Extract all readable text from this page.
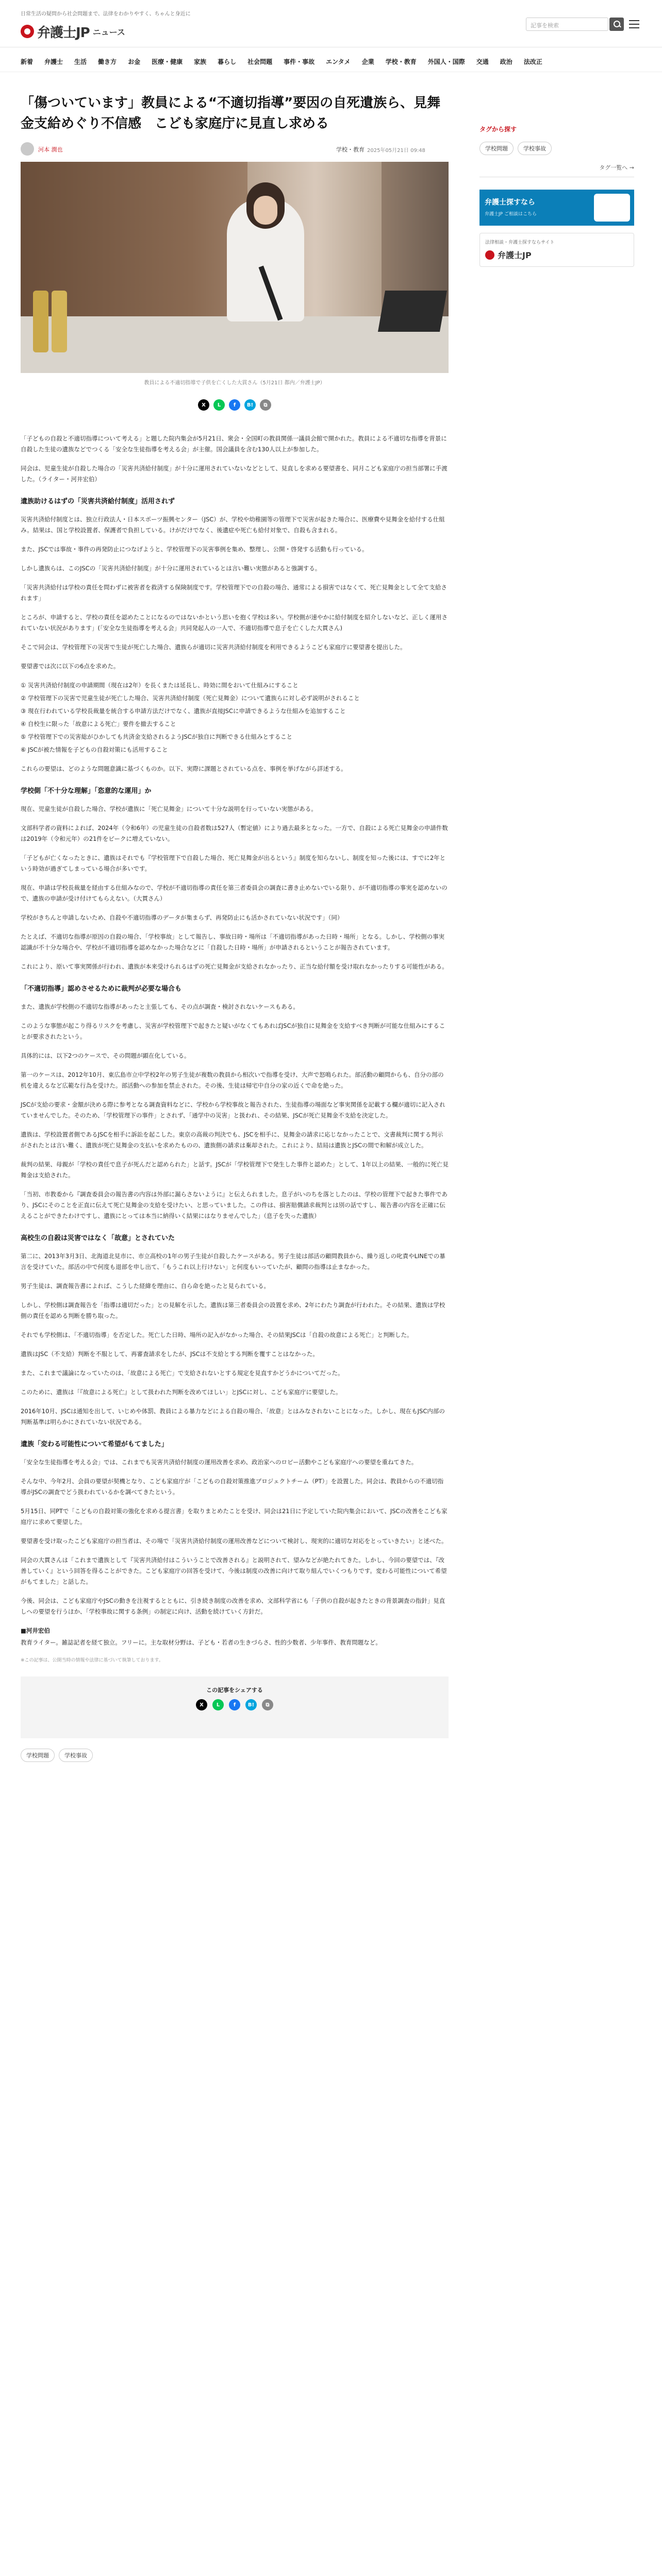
日常生活の疑問から社会問題まで、法律をわかりやすく、ちゃんと身近に
弁護士JP ニュース
記事を検索
新着 弁護士 生活 働き方 お金 医療・健康 家族 暮らし 社会問題 事件・事故 エンタメ 企業 学校・教育 外国人・国際 交通 政治 法改正
「傷ついています」教員による“不適切指導”要因の自死遺族ら、見舞金支給めぐり不信感　こども家庭庁に見直し求める
河本 潤也	学校・教育 2025年05月21日 09:48
教員による不適切指導で子供を亡くした大貫さん（5月21日 都内／弁護士JP）
X	L	f	B!	⧉

「子どもの自殺と不適切指導について考える」と題した院内集会が5月21日、衆会・全国町の教員関係一議員会館で開かれた。教員による不適切な指導を背景に自殺した生徒の遺族などでつくる「安全な生徒指導を考える会」が主催。国会議員を含む130人以上が参加した。

同会は、児童生徒が自殺した場合の「災害共済給付制度」が十分に運用されていないなどとして、見直しを求める要望書を、同月こども家庭庁の担当部署に手渡した。（ライター・河井宏伯）

遺族助けるはずの「災害共済給付制度」活用されず

災害共済給付制度とは、独立行政法人・日本スポーツ振興センター（JSC）が、学校や幼稚園等の管理下で災害が起きた場合に、医療費や見舞金を給付する仕組み。結果は、国と学校設置者、保護者で負担している。けがだけでなく、後遺症や死亡も給付対象で、自殺も含まれる。

また、JSCでは事故・事件の再発防止につなげようと、学校管理下の災害事例を集め、整理し、公開・啓発する活動も行っている。

しかし遺族らは、このJSCの「災害共済給付制度」が十分に運用されているとは言い難い実態があると強調する。

「災害共済給付は学校の責任を問わずに被害者を救済する保険制度です。学校管理下での自殺の場合、通常による損害ではなくて、死亡見舞金として全て支給されます」

ところが、申請すると、学校の責任を認めたことになるのではないかという思いを抱く学校は多い。学校側が速やかに給付制度を紹介しないなど、正しく運用されていない状況があります」(「安全な生徒指導を考える会」共同発起人の一人で、不適切指導で息子を亡くした大貫さん)

そこで同会は、学校管理下の災害で生徒が死亡した場合、遺族らが適切に災害共済給付制度を利用できるようこども家庭庁に要望書を提出した。

要望書では次に以下の6点を求めた。

① 災害共済給付制度の申請期間（現在は2年）を長くまたは延長し、時効に間をおいて仕組みにすること

② 学校管理下の災害で児童生徒が死亡した場合、災害共済給付制度（死亡見舞金）について遺族らに対し必ず説明がされること

③ 現在行われている学校長裁量を統合する申請方法だけでなく、遺族が直接JSCに申請できるような仕組みを追加すること

④ 自校生に限った「故意による死亡」要件を撤去すること

⑤ 学校管理下での災害総がひかしても共済金支給されるようJSCが独自に判断できる仕組みとすること

⑥ JSCが被た情報を子どもの自殺対策にも活用すること

これらの要望は、どのような問題意識に基づくものか。以下、実際に課題とされている点を、事例を挙げながら詳述する。

学校側「不十分な理解」「恣意的な運用」か

現在、児童生徒が自殺した場合、学校が遺族に「死亡見舞金」について十分な説明を行っていない実態がある。

文部科学者の資料によれば、2024年（令和6年）の児童生徒の自殺者数は527人（暫定値）により過去最多となった。一方で、自殺による死亡見舞金の申請件数は2019年（令和元年）の21件をピークに増えていない。

「子どもが亡くなったときに、遺族はそれでも『学校管理下で自殺した場合、死亡見舞金が出るという』制度を知らないし、制度を知った後には、すでに2年という時効が過ぎてしまっている場合が多いです。

現在、申請は学校長裁量を経由する仕組みなので、学校が不適切指導の責任を第三者委員会の調査に書き止めないでいる限り、が不適切指導の事実を認めないので、遺族の申請が受け付けてもらえない。（大貫さん）

学校がきちんと申請しないため、自殺や不適切指導のデータが集まらず、再発防止にも活かされていない状況です」（同）

たとえば、不適切な指導が原因の自殺の場合、「学校事故」として報告し、事故日時・場所は「不適切指導があった日時・場所」となる。しかし、学校側の事実認識が不十分な場合や、学校が不適切指導を認めなかった場合などに「自殺した日時・場所」が申請されるということが報告されています。

これにより、原いて事実関係が行われ、遺族が本来受けられるはずの死亡見舞金が支給されなかったり、正当な給付額を受け取れなかったりする可能性がある。

「不適切指導」認めさせるために裁判が必要な場合も

また、遺族が学校側の不適切な指導があったと主張しても、その点が調査・検討されないケースもある。

このような事態が起こり得るリスクを考慮し、災害が学校管理下で起きたと疑いがなくてもあればJSCが独自に見舞金を支給すべき判断が可能な仕組みにすることが要求されたという。

具体的には、以下2つのケースで、その問題が顕在化している。

第一のケースは、2012年10月、東広島市立中学校2年の男子生徒が複数の教員から相次いで指導を受け、大声で怒鳴られた。部活動の顧問からも、自分の部の机を違えるなど広範な行為を受けた。部活動への参加を禁止された。その後、生徒は帰宅中自分の家の近くで命を絶った。

JSCが支給の要求・金額が決める際に参考となる調査資料などに、学校から学校事故と報告された、生徒指導の場面など事実関係を記載する欄が適切に記入されていませんでした。そのため、「学校管理下の事件」とされず、「通学中の災害」と扱われ、その結果、JSCが死亡見舞金不支給を決定した。

遺族は、学校設置者側であるJSCを相手に訴訟を起こした。東京の高裁の判決でも、JSCを相手に、見舞金の請求に応じなかったことで、文書裁判に関する判示がされたとは言い難く、遺族が死亡見舞金の支払いを求めたものの、遺族側の請求は棄却された。これにより、結局は遺族とJSCの間で和解が成立した。

裁判の結果、母親が「学校の責任で息子が死んだと認められた」と話す。JSCが「学校管理下で発生した事件と認めた」として、1年以上の結果、一般的に死亡見舞金は支給された。

「当初、市教委から『調査委員会の報告書の内容は外部に漏らさないように』と伝えられました。息子がいのちを落としたのは、学校の管理下で起きた事件であり、JSCにそのことを正直に伝えて死亡見舞金の支給を受けたい、と思っていました。この件は、損害賠償請求裁判とは別の話ですし、報告書の内容を正確に伝えることができたわけですし、遺族にとっては本当に納得いく結果にはなりませんでした」（息子を失った遺族）

高校生の自殺は災害ではなく「故意」とされていた

第二に、2013年3月3日、北海道北見市に、市立高校の1年の男子生徒が自殺したケースがある。男子生徒は部活の顧問教員から、繰り返しの叱責やLINEでの暴言を受けていた。部活の中で何度も退部を申し出て、「もうこれ以上行けない」と何度もいっていたが、顧問の指導は止まなかった。

男子生徒は、調査報告書によれば、こうした経緯を理由に、自ら命を絶ったと見られている。

しかし、学校側は調査報告を「指導は適切だった」との見解を示した。遺族は第三者委員会の設置を求め、2年にわたり調査が行われた。その結果、遺族は学校側の責任を認める判断を勝ち取った。

それでも学校側は、「不適切指導」を否定した。死亡した日時、場所の記入がなかった場合、その結果JSCは「自殺の故意による死亡」と判断した。

遺族はJSC（不支給）判断を不服として、再審査請求をしたが、JSCは不支給とする判断を覆すことはなかった。

また、これまで議論になっていたのは、「故意による死亡」で支給されないとする規定を見直すかどうかについてだった。

このために、遺族は「『故意による死亡』として扱われた判断を改めてほしい」とJSCに対し、こども家庭庁に要望した。

2016年10月、JSCは通知を出して、いじめや体罰、教員による暴力などによる自殺の場合、「故意」とはみなされないことになった。しかし、現在もJSC内部の判断基準は明らかにされていない状況である。

遺族「変わる可能性について希望がもてました」

「安全な生徒指導を考える会」では、これまでも災害共済給付制度の運用改善を求め、政治家へのロビー活動やこども家庭庁への要望を重ねてきた。

そんな中、今年2月、会員の要望が契機となり、こども家庭庁が「こどもの自殺対策推進プロジェクトチーム（PT）」を設置した。同会は、教員からの不適切指導がJSCの調査でどう扱われているかを調べてきたという。

5月15日、同PTで「こどもの自殺対策の強化を求める提言書」を取りまとめたことを受け、同会は21日に予定していた院内集会において、JSCの改善をこども家庭庁に求めて要望した。

要望書を受け取ったこども家庭庁の担当者は、その場で「災害共済給付制度の運用改善などについて検討し、現実的に適切な対応をとっていきたい」と述べた。

同会の大貫さんは「これまで遺族として『災害共済給付はこういうことで改善される』と説明されて、望みなどが絶たれてきた。しかし、今回の要望では、『改善していく』という回答を得ることができた。こども家庭庁の回答を受けて、今後は制度の改善に向けて取り組んでいくつもりです。変わる可能性について希望がもてました」と話した。

今後、同会は、こども家庭庁やJSCの動きを注視するとともに、引き続き制度の改善を求め、文部科学省にも「子供の自殺が起きたときの背景調査の指針」見直しへの要望を行うほか、「学校事故に関する条例」の制定に向け、活動を続けていく方針だ。

■河井宏伯

教育ライター。雑誌記者を経て独立。フリーに。主な取材分野は、子ども・若者の生きづらさ、性的少数者、少年事件、教育問題など。

※この記事は、公開当時の情報や法律に基づいて執筆しております。
この記事をシェアする
X	L	f	B!	⧉
学校問題	学校事故
タグから探す
学校問題	学校事故
タグ一覧へ →
弁護士探すなら
弁護士JP ご相談はこちら
法律相談・弁護士探すならサイト
弁護士JP
